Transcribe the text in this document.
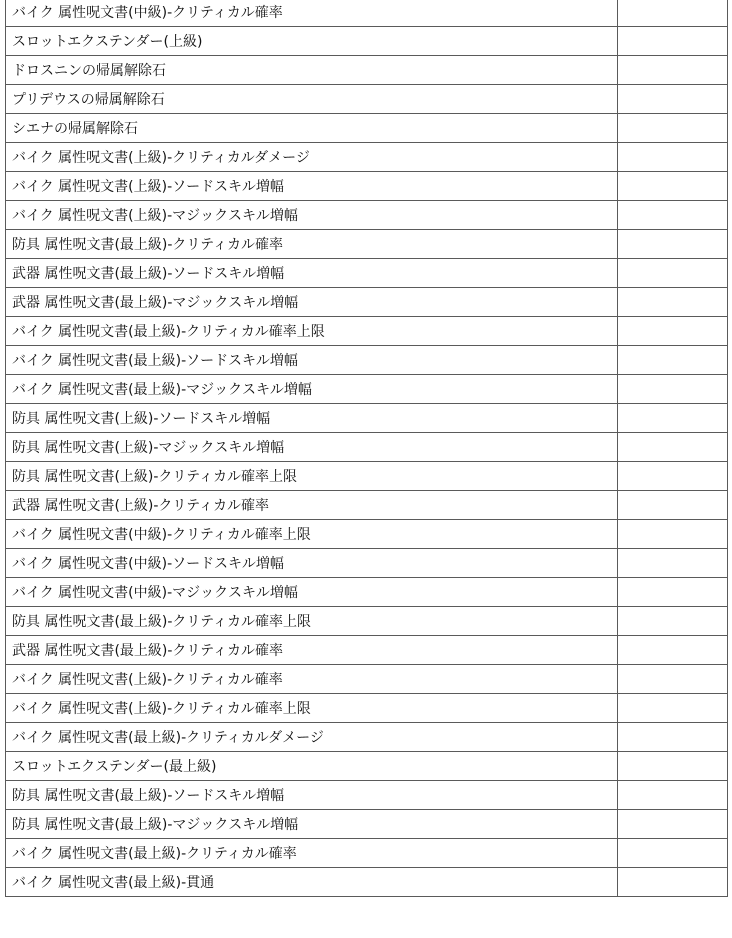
バイク 属性呪文書(中級)-クリティカル確率	
スロットエクステンダー(上級)	
ドロスニンの帰属解除石	
プリデウスの帰属解除石	
シエナの帰属解除石	
バイク 属性呪文書(上級)-クリティカルダメージ	
バイク 属性呪文書(上級)-ソードスキル増幅	
バイク 属性呪文書(上級)-マジックスキル増幅	
防具 属性呪文書(最上級)-クリティカル確率	
武器 属性呪文書(最上級)-ソードスキル増幅	
武器 属性呪文書(最上級)-マジックスキル増幅	
バイク 属性呪文書(最上級)-クリティカル確率上限	
バイク 属性呪文書(最上級)-ソードスキル増幅	
バイク 属性呪文書(最上級)-マジックスキル増幅	
防具 属性呪文書(上級)-ソードスキル増幅	
防具 属性呪文書(上級)-マジックスキル増幅	
防具 属性呪文書(上級)-クリティカル確率上限	
武器 属性呪文書(上級)-クリティカル確率	
バイク 属性呪文書(中級)-クリティカル確率上限	
バイク 属性呪文書(中級)-ソードスキル増幅	
バイク 属性呪文書(中級)-マジックスキル増幅	
防具 属性呪文書(最上級)-クリティカル確率上限	
武器 属性呪文書(最上級)-クリティカル確率	
バイク 属性呪文書(上級)-クリティカル確率	
バイク 属性呪文書(上級)-クリティカル確率上限	
バイク 属性呪文書(最上級)-クリティカルダメージ	
スロットエクステンダー(最上級)	
防具 属性呪文書(最上級)-ソードスキル増幅	
防具 属性呪文書(最上級)-マジックスキル増幅	
バイク 属性呪文書(最上級)-クリティカル確率	
バイク 属性呪文書(最上級)-貫通	
